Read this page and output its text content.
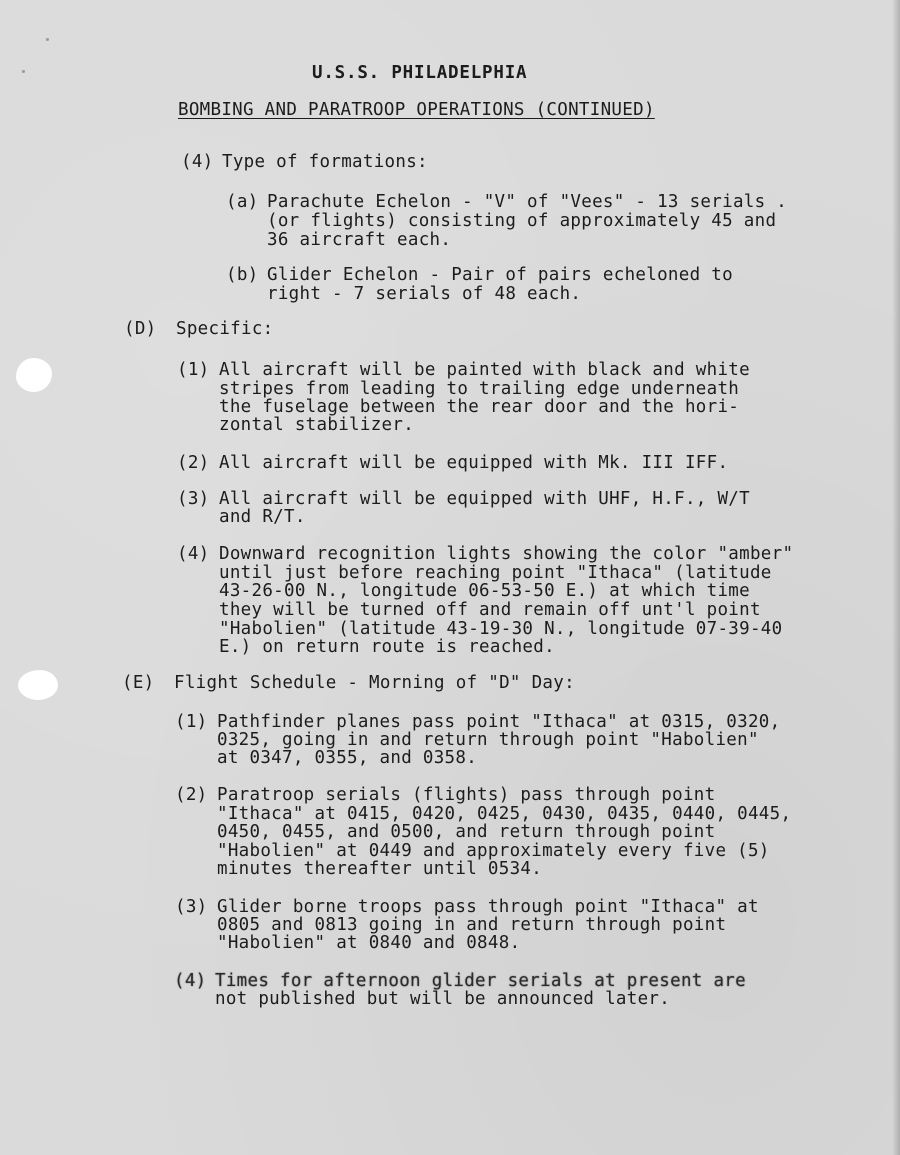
U.S.S. PHILADELPHIA
BOMBING AND PARATROOP OPERATIONS (CONTINUED)
(4) Type of formations:
(a) Parachute Echelon - "V" of "Vees" - 13 serials .
(or flights) consisting of approximately 45 and
36 aircraft each.
(b) Glider Echelon - Pair of pairs echeloned to
right - 7 serials of 48 each.
(D) Specific:
(1) All aircraft will be painted with black and white
stripes from leading to trailing edge underneath
the fuselage between the rear door and the hori-
zontal stabilizer.
(2) All aircraft will be equipped with Mk. III IFF.
(3) All aircraft will be equipped with UHF, H.F., W/T
and R/T.
(4) Downward recognition lights showing the color "amber"
until just before reaching point "Ithaca" (latitude
43-26-00 N., longitude 06-53-50 E.) at which time
they will be turned off and remain off unt'l point
"Habolien" (latitude 43-19-30 N., longitude 07-39-40
E.) on return route is reached.
(E) Flight Schedule - Morning of "D" Day:
(1) Pathfinder planes pass point "Ithaca" at 0315, 0320,
0325, going in and return through point "Habolien"
at 0347, 0355, and 0358.
(2) Paratroop serials (flights) pass through point
"Ithaca" at 0415, 0420, 0425, 0430, 0435, 0440, 0445,
0450, 0455, and 0500, and return through point
"Habolien" at 0449 and approximately every five (5)
minutes thereafter until 0534.
(3) Glider borne troops pass through point "Ithaca" at
0805 and 0813 going in and return through point
"Habolien" at 0840 and 0848.
(4) Times for afternoon glider serials at present are
not published but will be announced later.
